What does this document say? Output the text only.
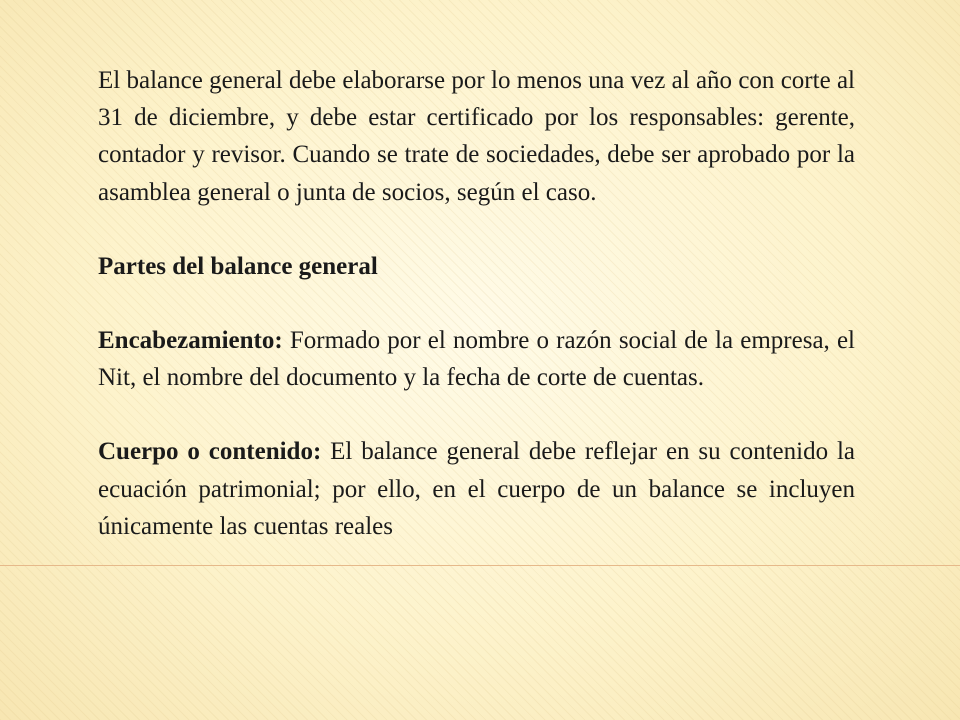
El balance general debe elaborarse por lo menos una vez al año con corte al 31 de diciembre, y debe estar certificado por los responsables: gerente, contador y revisor. Cuando se trate de sociedades, debe ser aprobado por la asamblea general o junta de socios, según el caso.

Partes del balance general

Encabezamiento: Formado por el nombre o razón social de la empresa, el Nit, el nombre del documento y la fecha de corte de cuentas.

Cuerpo o contenido: El balance general debe reflejar en su contenido la ecuación patrimonial; por ello, en el cuerpo de un balance se incluyen únicamente las cuentas reales
